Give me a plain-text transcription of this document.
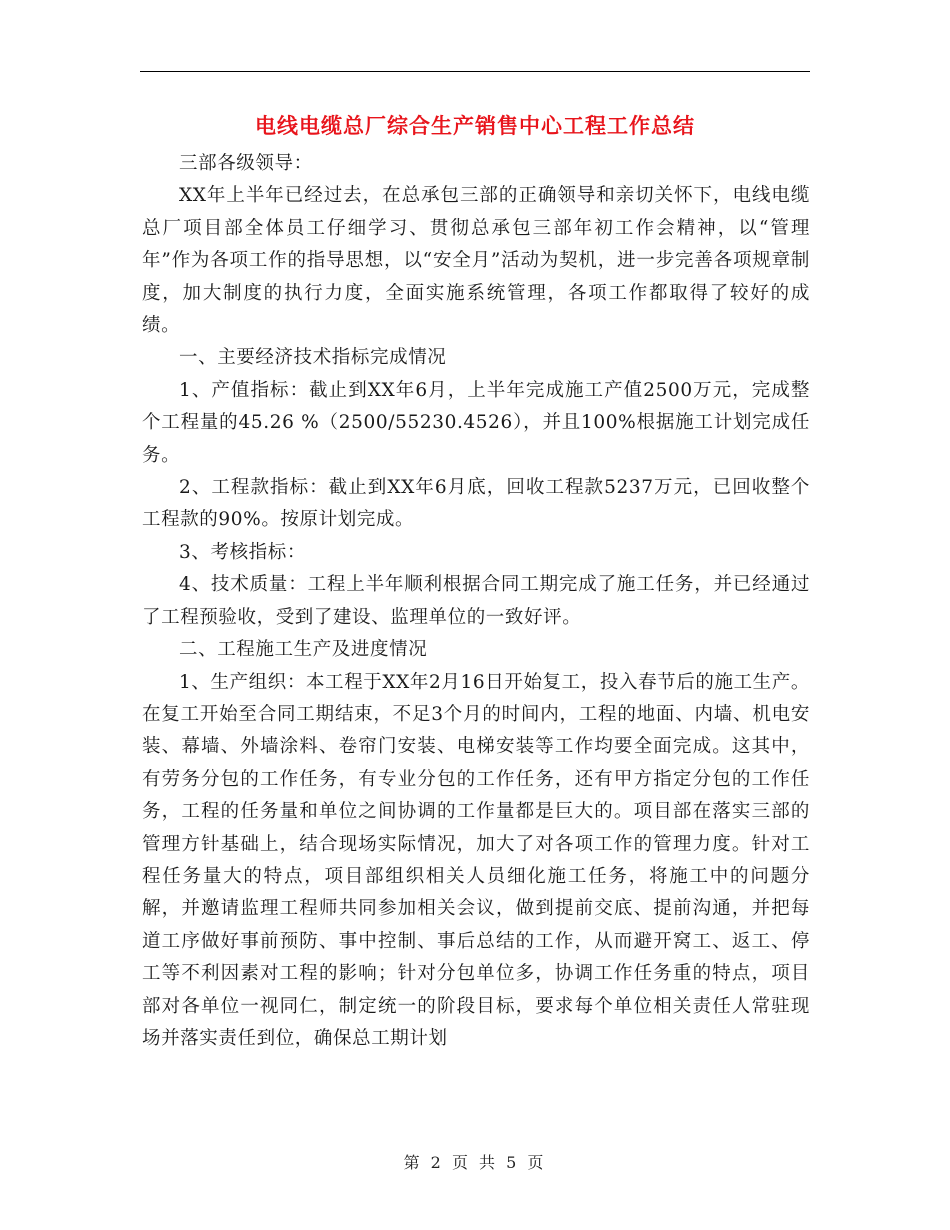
电线电缆总厂综合生产销售中心工程工作总结

三部各级领导：

XX年上半年已经过去，在总承包三部的正确领导和亲切关怀下，电线电缆总厂项目部全体员工仔细学习、贯彻总承包三部年初工作会精神，以“管理年”作为各项工作的指导思想，以“安全月”活动为契机，进一步完善各项规章制度，加大制度的执行力度，全面实施系统管理，各项工作都取得了较好的成绩。

一、主要经济技术指标完成情况

1、产值指标：截止到XX年6月，上半年完成施工产值2500万元，完成整个工程量的45.26 %（2500/55230.4526），并且100%根据施工计划完成任务。

2、工程款指标：截止到XX年6月底，回收工程款5237万元，已回收整个工程款的90%。按原计划完成。

3、考核指标：

4、技术质量：工程上半年顺利根据合同工期完成了施工任务，并已经通过了工程预验收，受到了建设、监理单位的一致好评。

二、工程施工生产及进度情况

1、生产组织：本工程于XX年2月16日开始复工，投入春节后的施工生产。在复工开始至合同工期结束，不足3个月的时间内，工程的地面、内墙、机电安装、幕墙、外墙涂料、卷帘门安装、电梯安装等工作均要全面完成。这其中，有劳务分包的工作任务，有专业分包的工作任务，还有甲方指定分包的工作任务，工程的任务量和单位之间协调的工作量都是巨大的。项目部在落实三部的管理方针基础上，结合现场实际情况，加大了对各项工作的管理力度。针对工程任务量大的特点，项目部组织相关人员细化施工任务，将施工中的问题分解，并邀请监理工程师共同参加相关会议，做到提前交底、提前沟通，并把每道工序做好事前预防、事中控制、事后总结的工作，从而避开窝工、返工、停工等不利因素对工程的影响；针对分包单位多，协调工作任务重的特点，项目部对各单位一视同仁，制定统一的阶段目标，要求每个单位相关责任人常驻现场并落实责任到位，确保总工期计划

第 2 页 共 5 页
